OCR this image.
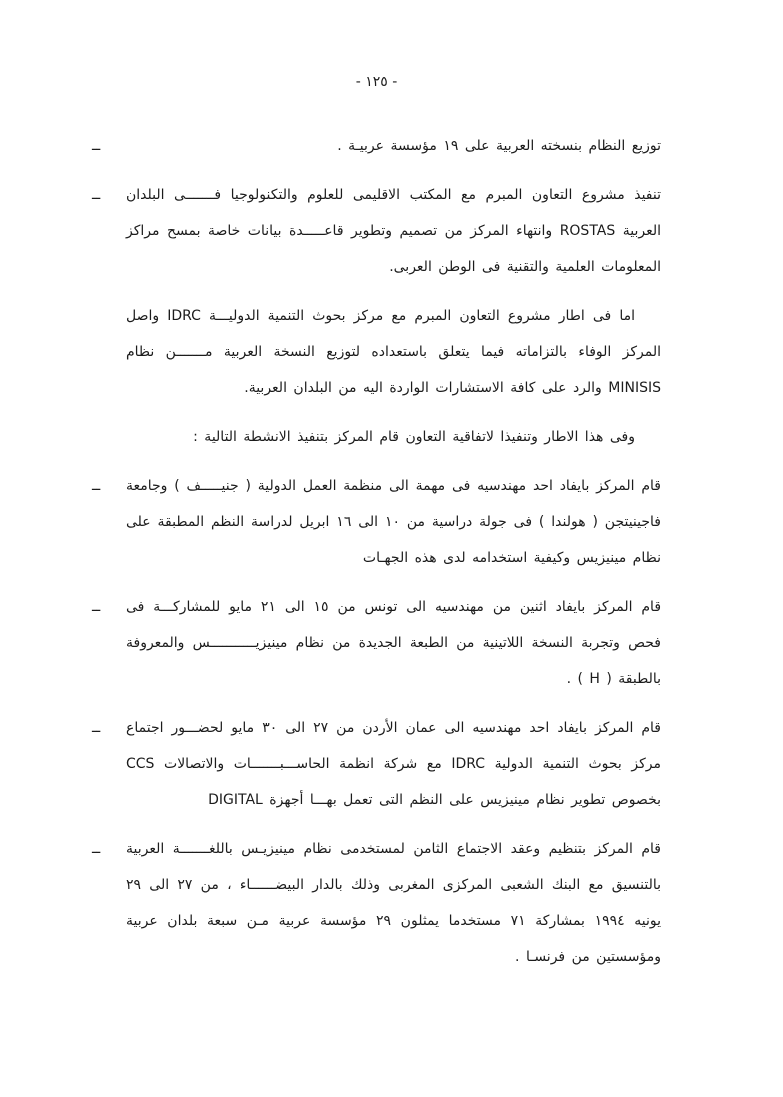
- ١٢٥ -
ــ	توزيع النظام بنسخته العربية على ١٩ مؤسسة عربيـة .
ــ	تنفيذ مشروع التعاون المبرم مع المكتب الاقليمى للعلوم والتكنولوجيا فـــــــى البلدان العربية ROSTAS وانتهاء المركز من تصميم وتطوير قاعـــــدة بيانات خاصة بمسح مراكز المعلومات العلمية والتقنية فى الوطن العربى.
اما فى اطار مشروع التعاون المبرم مع مركز بحوث التنمية الدوليـــة IDRC واصل المركز الوفاء بالتزاماته فيما يتعلق باستعداده لتوزيع النسخة العربية مـــــــن نظام MINISIS والرد على كافة الاستشارات الواردة اليه من البلدان العربية.
وفى هذا الاطار وتنفيذا لاتفاقية التعاون قام المركز بتنفيذ الانشطة التالية :
ــ	قام المركز بايفاد احد مهندسيه فى مهمة الى منظمة العمل الدولية ( جنيـــــف ) وجامعة فاجينيتجن ( هولندا ) فى جولة دراسية من ١٠ الى ١٦ ابريل لدراسة النظم المطبقة على نظام مينيزيس وكيفية استخدامه لدى هذه الجهـات
ــ	قام المركز بايفاد اثنين من مهندسيه الى تونس من ١٥ الى ٢١ مايو للمشاركـــة فى فحص وتجربة النسخة اللاتينية من الطبعة الجديدة من نظام مينيزيـــــــــــس والمعروفة بالطبقة ( H ) .
ــ	قام المركز بايفاد احد مهندسيه الى عمان الأردن من ٢٧ الى ٣٠ مايو لحضـــور اجتماع مركز بحوث التنمية الدولية IDRC مع شركة انظمة الحاســـبـــــــات والاتصالات CCS بخصوص تطوير نظام مينيزيس على النظم التى تعمل بهـــا أجهزة DIGITAL
ــ	قام المركز بتنظيم وعقد الاجتماع الثامن لمستخدمى نظام مينيزيـس باللغـــــــة العربية بالتنسيق مع البنك الشعبى المركزى المغربى وذلك بالدار البيضــــــاء ، من ٢٧ الى ٢٩ يونيه ١٩٩٤ بمشاركة ٧١ مستخدما يمثلون ٢٩ مؤسسة عربية مـن سبعة بلدان عربية ومؤسستين من فرنسـا .
